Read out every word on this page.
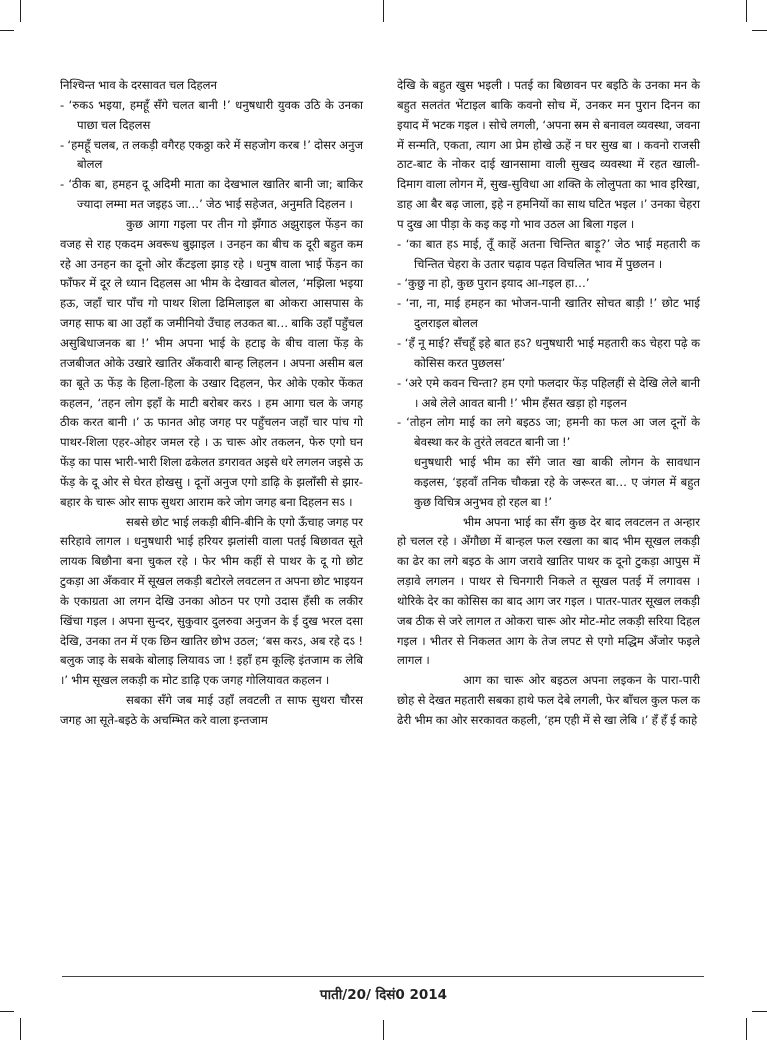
निश्चिन्त भाव के दरसावत चल दिहलन

- ‘रुकऽ भइया, हमहूँ सँगे चलत बानी !’ धनुषधारी युवक उठि के उनका पाछा चल दिहलस

- ‘हमहूँ चलब, त लकड़ी वगैरह एकठ्ठा करे में सहजोग करब !’ दोसर अनुज बोलल

- ‘ठीक बा, हमहन दू अदिमी माता का देखभाल खातिर बानी जा; बाकिर ज्यादा लम्मा मत जइहऽ जा…’ जेठ भाई सहेजत, अनुमति दिहलन ।

कुछ आगा गइला पर तीन गो झँगाठ अझुराइल फेंड़न का वजह से राह एकदम अवरूध बुझाइल । उनहन का बीच क दूरी बहुत कम रहे आ उनहन का दूनो ओर कँटइला झाड़ रहे । धनुष वाला भाई फेंड़न का फाँफर में दूर ले ध्यान दिहलस आ भीम के देखावत बोलल, ‘मझिला भइया हऊ, जहाँ चार पाँच गो पाथर शिला ढिमिलाइल बा ओकरा आसपास के जगह साफ बा आ उहाँ क जमीनियो उँचाह लउकत बा… बाकि उहाँ पहुँचल असुबिधाजनक बा !’ भीम अपना भाई के हटाइ के बीच वाला फेंड़ के तजबीजत ओके उखारे खातिर अँकवारी बान्ह लिहलन । अपना असीम बल का बूते ऊ फेंड़ के हिला-हिला के उखार दिहलन, फेर ओके एकोर फेंकत कहलन, ‘तहन लोग इहाँ के माटी बरोबर करऽ । हम आगा चल के जगह ठीक करत बानी ।’ ऊ फानत ओह जगह पर पहुँचलन जहाँ चार पांच गो पाथर-शिला एहर-ओहर जमल रहे । ऊ चारू ओर तकलन, फेरु एगो घन फेंड़ का पास भारी-भारी शिला ढकेलत डगरावत अइसे धरे लगलन जइसे ऊ फेंड़ के दू ओर से घेरत होखसु । दूनों अनुज एगो डाढ़ि के झलाँसी से झार-बहार के चारू ओर साफ सुथरा आराम करे जोग जगह बना दिहलन सऽ ।

सबसे छोट भाई लकड़ी बीनि-बीनि के एगो ऊँचाह जगह पर सरिहावे लागल । धनुषधारी भाई हरियर झलांसी वाला पतई बिछावत सूते लायक बिछौना बना चुकल रहे । फेर भीम कहीं से पाथर के दू गो छोट टुकड़ा आ अँकवार में सूखल लकड़ी बटोरले लवटलन त अपना छोट भाइयन के एकाग्रता आ लगन देखि उनका ओठन पर एगो उदास हँसी क लकीर खिंचा गइल । अपना सुन्दर, सुकुवार दुलरुवा अनुजन के ई दुख भरल दसा देखि, उनका तन में एक छिन खातिर छोभ उठल; ‘बस करऽ, अब रहे दऽ ! बलुक जाइ के सबके बोलाइ लियावऽ जा ! इहाँ हम कूल्हि इंतजाम क लेबि ।’ भीम सूखल लकड़ी क मोट डाढ़ि एक जगह गोलियावत कहलन ।

सबका सँगे जब माई उहाँ लवटली त साफ सुथरा चौरस जगह आ सूते-बइठे के अचम्भित करे वाला इन्तजाम

देखि के बहुत खुस भइली । पतई का बिछावन पर बइठि के उनका मन के बहुत सलतंत भेंटाइल बाकि कवनो सोच में, उनकर मन पुरान दिनन का इयाद में भटक गइल । सोचे लगली, ‘अपना स्रम से बनावल व्यवस्था, जवना में सन्मति, एकता, त्याग आ प्रेम होखे ऊहें न घर सुख बा । कवनो राजसी ठाट-बाट के नोकर दाई खानसामा वाली सुखद व्यवस्था में रहत खाली-दिमाग वाला लोगन में, सुख-सुविधा आ शक्ति के लोलुपता का भाव इरिखा, डाह आ बैर बढ़ जाला, इहे न हमनियों का साथ घटित भइल ।’ उनका चेहरा प दुख आ पीड़ा के कइ कइ गो भाव उठल आ बिला गइल ।

- ‘का बात हऽ माई, तूँ काहें अतना चिन्तित बाड़ू?’ जेठ भाई महतारी क चिन्तित चेहरा के उतार चढ़ाव पढ़त विचलित भाव में पुछलन ।

- ‘कुछु ना हो, कुछ पुरान इयाद आ-गइल हा…’

- ‘ना, ना, माई हमहन का भोजन-पानी खातिर सोचत बाड़ी !’ छोट भाई दुलराइल बोलल

- ‘हँ नू माई? सँचहूँ इहे बात हऽ? धनुषधारी भाई महतारी कऽ चेहरा पढ़े क कोसिस करत पुछलस’

- ‘अरे एमे कवन चिन्ता? हम एगो फलदार फेंड़ पहिलहीं से देखि लेले बानी । अबे लेले आवत बानी !’ भीम हँसत खड़ा हो गइलन

- ‘तोहन लोग माई का लगे बइठऽ जा; हमनी का फल आ जल दूनों के बेवस्था कर के तुरंते लवटत बानी जा !’

धनुषधारी भाई भीम का सँगे जात खा बाकी लोगन के सावधान कइलस, ‘इहवाँ तनिक चौकन्ना रहे के जरूरत बा… ए जंगल में बहुत कुछ विचित्र अनुभव हो रहल बा !’

भीम अपना भाई का सँग कुछ देर बाद लवटलन त अन्हार हो चलल रहे । अँगौछा में बान्हल फल रखला का बाद भीम सूखल लकड़ी का ढेर का लगे बइठ के आग जरावे खातिर पाथर क दूनो टुकड़ा आपुस में लड़ावे लगलन । पाथर से चिनगारी निकले त सूखल पतई में लगावस । थोरिके देर का कोसिस का बाद आग जर गइल । पातर-पातर सूखल लकड़ी जब ठीक से जरे लागल त ओकरा चारू ओर मोट-मोट लकड़ी सरिया दिहल गइल । भीतर से निकलत आग के तेज लपट से एगो मद्धिम अँजोर फइले लागल ।

आग का चारू ओर बइठल अपना लइकन के पारा-पारी छोह से देखत महतारी सबका हाथे फल देबे लगली, फेर बाँचल कुल फल क ढेरी भीम का ओर सरकावत कहली, ‘हम एही में से खा लेबि ।’ हँ हँ ई काहे

पाती/20/ दिसं0 2014
